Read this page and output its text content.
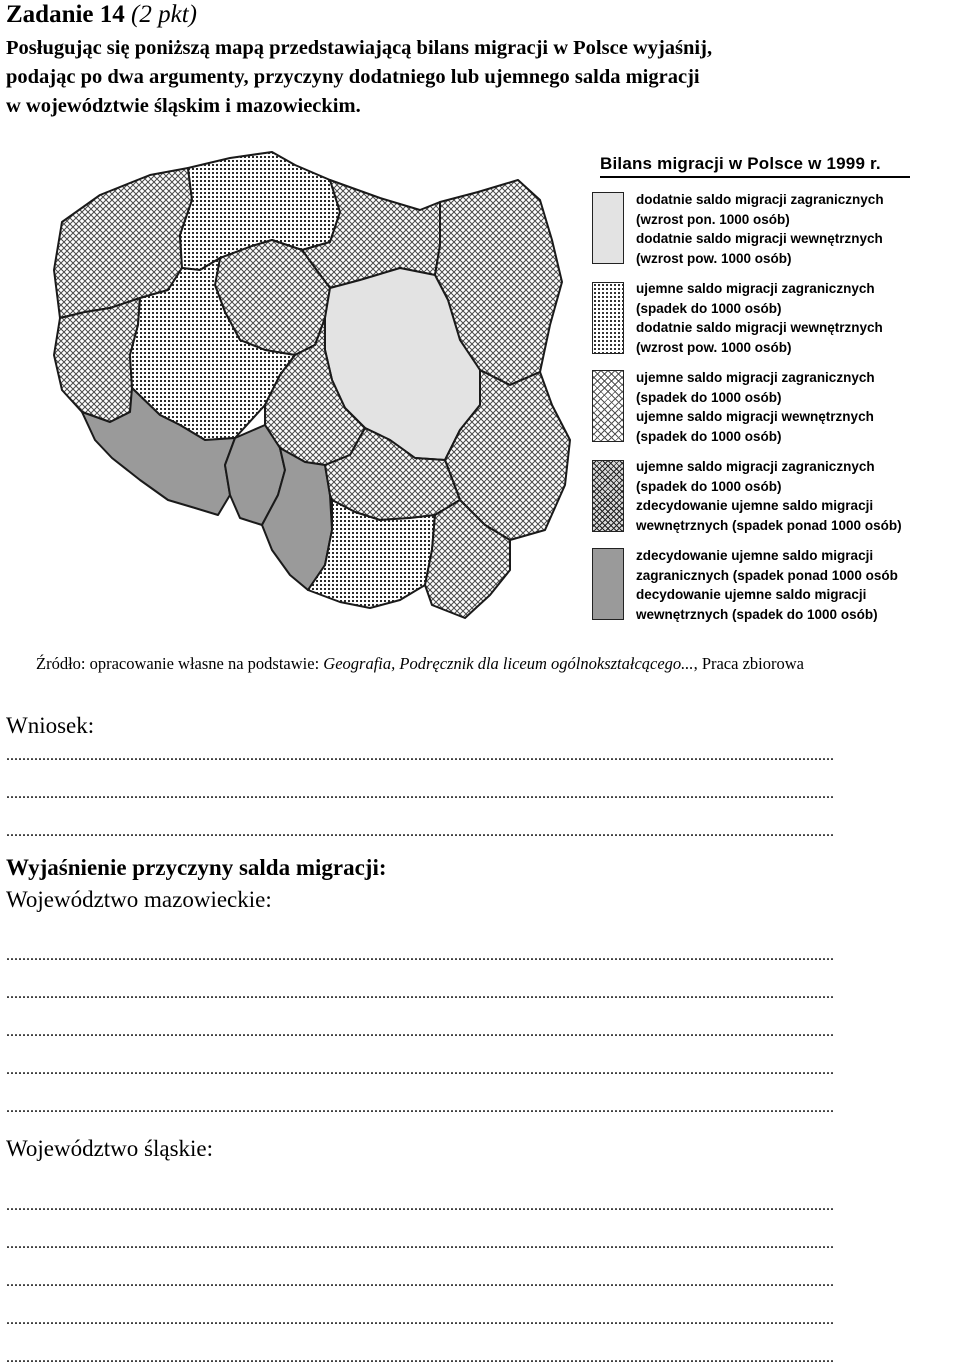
Zadanie 14 (2 pkt)
Posługując się poniższą mapą przedstawiającą bilans migracji w Polsce wyjaśnij,
podając po dwa argumenty, przyczyny dodatniego lub ujemnego salda migracji
w województwie śląskim i mazowieckim.
Bilans migracji w Polsce w 1999 r.
dodatnie saldo migracji zagranicznych
(wzrost pon. 1000 osób)
dodatnie saldo migracji wewnętrznych
(wzrost pow. 1000 osób)
ujemne saldo migracji zagranicznych
(spadek do 1000 osób)
dodatnie saldo migracji wewnętrznych
(wzrost pow. 1000 osób)
ujemne saldo migracji zagranicznych
(spadek do 1000 osób)
ujemne saldo migracji wewnętrznych
(spadek do 1000 osób)
ujemne saldo migracji zagranicznych
(spadek do 1000 osób)
zdecydowanie ujemne saldo migracji
wewnętrznych (spadek ponad 1000 osób)
zdecydowanie ujemne saldo migracji
zagranicznych (spadek ponad 1000 osób
decydowanie ujemne saldo migracji
wewnętrznych (spadek do 1000 osób)
Źródło: opracowanie własne na podstawie: Geografia, Podręcznik dla liceum ogólnokształcącego..., Praca zbiorowa
Wniosek:
...............................................................................................................................................................................................................
...............................................................................................................................................................................................................
...............................................................................................................................................................................................................
Wyjaśnienie przyczyny salda migracji:
Województwo mazowieckie:
...............................................................................................................................................................................................................
...............................................................................................................................................................................................................
...............................................................................................................................................................................................................
...............................................................................................................................................................................................................
...............................................................................................................................................................................................................
Województwo śląskie:
...............................................................................................................................................................................................................
...............................................................................................................................................................................................................
...............................................................................................................................................................................................................
...............................................................................................................................................................................................................
...............................................................................................................................................................................................................
